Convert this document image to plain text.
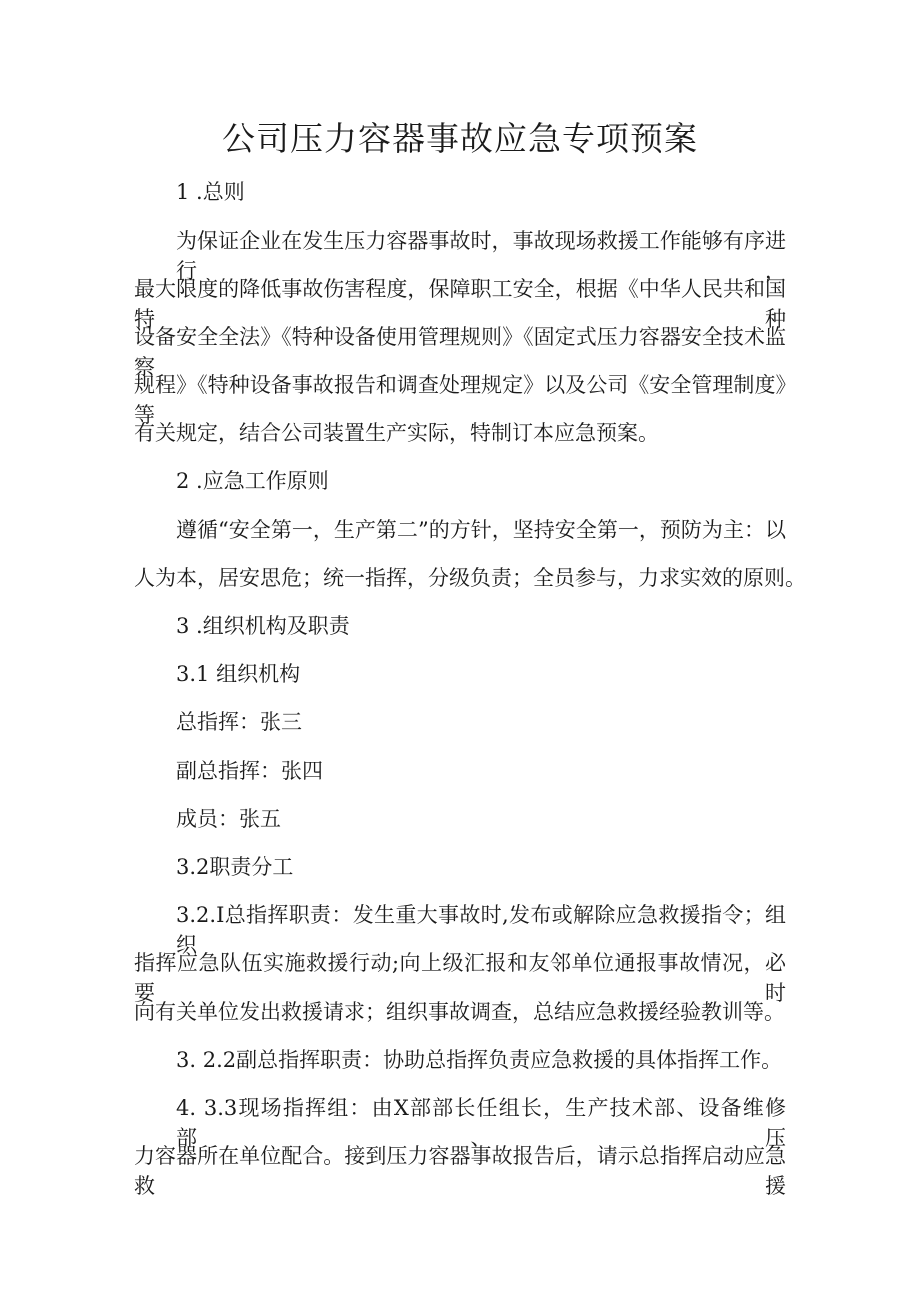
公司压力容器事故应急专项预案

1 .总则

为保证企业在发生压力容器事故时，事故现场救援工作能够有序进行，

最大限度的降低事故伤害程度，保障职工安全，根据《中华人民共和国特种

设备安全全法》《特种设备使用管理规则》《固定式压力容器安全技术监察

规程》《特种设备事故报告和调查处理规定》以及公司《安全管理制度》等

有关规定，结合公司装置生产实际，特制订本应急预案。

2 .应急工作原则

遵循“安全第一，生产第二”的方针，坚持安全第一，预防为主：以

人为本，居安思危；统一指挥，分级负责；全员参与，力求实效的原则。

3 .组织机构及职责

3.1 组织机构

总指挥：张三

副总指挥：张四

成员：张五

3.2职责分工

3.2.I总指挥职责：发生重大事故时,发布或解除应急救援指令；组织

指挥应急队伍实施救援行动;向上级汇报和友邻单位通报事故情况，必要时

向有关单位发出救援请求；组织事故调查，总结应急救援经验教训等。

3. 2.2副总指挥职责：协助总指挥负责应急救援的具体指挥工作。

4. 3.3现场指挥组：由X部部长任组长，生产技术部、设备维修部、压

力容器所在单位配合。接到压力容器事故报告后，请示总指挥启动应急救援
